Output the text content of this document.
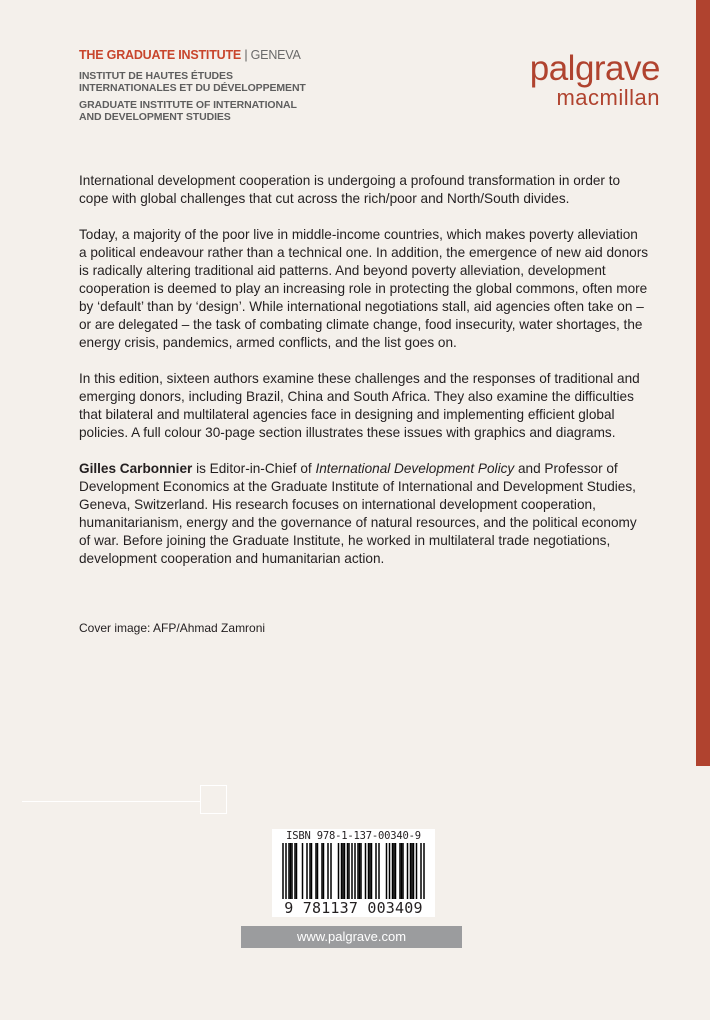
THE GRADUATE INSTITUTE | GENEVA
INSTITUT DE HAUTES ÉTUDES
INTERNATIONALES ET DU DÉVELOPPEMENT
GRADUATE INSTITUTE OF INTERNATIONAL
AND DEVELOPMENT STUDIES
palgrave
macmillan

International development cooperation is undergoing a profound transformation in order to cope with global challenges that cut across the rich/poor and North/South divides.

Today, a majority of the poor live in middle-income countries, which makes poverty alleviation a political endeavour rather than a technical one. In addition, the emergence of new aid donors is radically altering traditional aid patterns. And beyond poverty alleviation, development cooperation is deemed to play an increasing role in protecting the global commons, often more by ‘default’ than by ‘design’. While international negotiations stall, aid agencies often take on – or are delegated – the task of combating climate change, food insecurity, water shortages, the energy crisis, pandemics, armed conflicts, and the list goes on.

In this edition, sixteen authors examine these challenges and the responses of traditional and emerging donors, including Brazil, China and South Africa. They also examine the difficulties that bilateral and multilateral agencies face in designing and implementing efficient global policies. A full colour 30-page section illustrates these issues with graphics and diagrams.

Gilles Carbonnier is Editor-in-Chief of International Development Policy and Professor of Development Economics at the Graduate Institute of International and Development Studies, Geneva, Switzerland. His research focuses on international development cooperation, humanitarianism, energy and the governance of natural resources, and the political economy of war. Before joining the Graduate Institute, he worked in multilateral trade negotiations, development cooperation and humanitarian action.

Cover image: AFP/Ahmad Zamroni
ISBN 978-1-137-00340-9
9 781137 003409
www.palgrave.com
